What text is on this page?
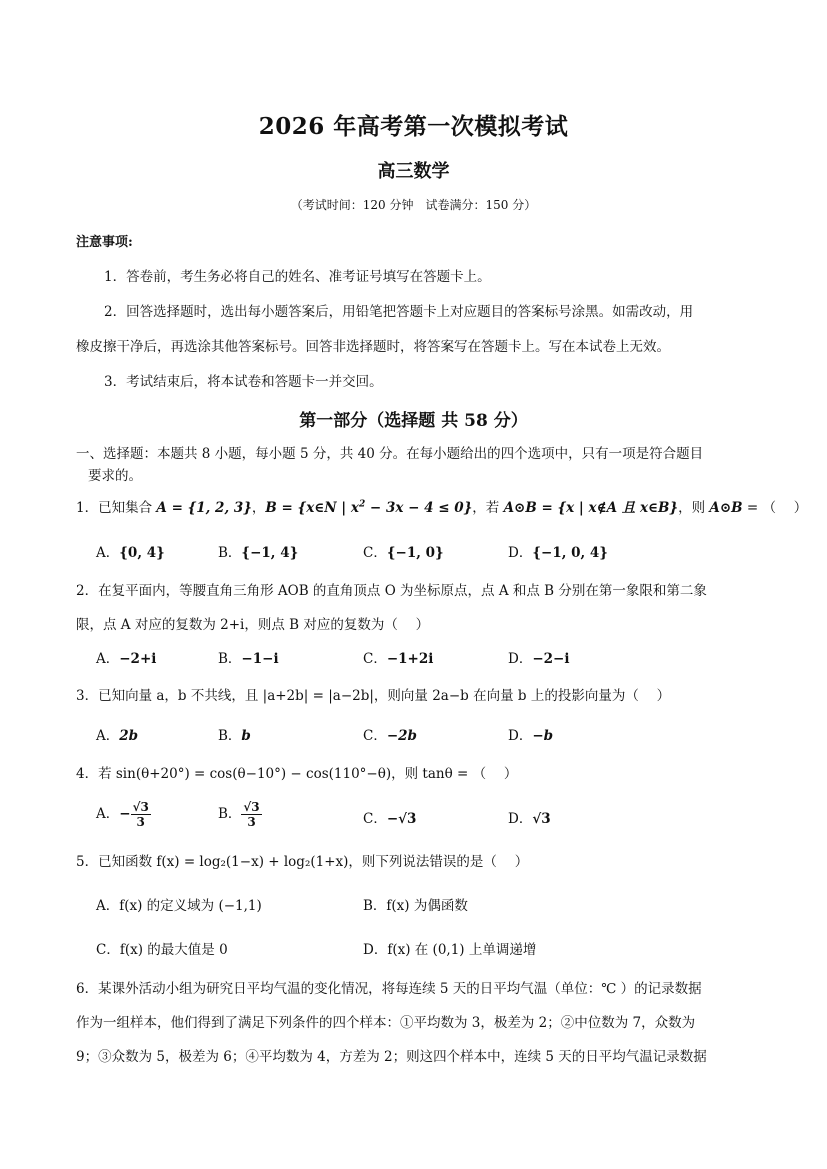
2026 年高考第一次模拟考试
高三数学
（考试时间：120 分钟　试卷满分：150 分）
注意事项:
1．答卷前，考生务必将自己的姓名、准考证号填写在答题卡上。
2．回答选择题时，选出每小题答案后，用铅笔把答题卡上对应题目的答案标号涂黑。如需改动，用
橡皮擦干净后，再选涂其他答案标号。回答非选择题时，将答案写在答题卡上。写在本试卷上无效。
3．考试结束后，将本试卷和答题卡一并交回。
第一部分（选择题 共 58 分）
一、选择题：本题共 8 小题，每小题 5 分，共 40 分。在每小题给出的四个选项中，只有一项是符合题目
要求的。
1．已知集合 A = {1, 2, 3}，B = {x∈N | $x^2 - 3x - 4 \le 0$}，若 A⊙B = {x | x∉A 且 x∈B}，则 A⊙B = （　 ）
A．{0, 4}	B．{−1, 4}	C．{−1, 0}	D．{−1, 0, 4}
2．在复平面内，等腰直角三角形 AOB 的直角顶点 O 为坐标原点，点 A 和点 B 分别在第一象限和第二象
限，点 A 对应的复数为 2+i，则点 B 对应的复数为（　 ）
A．−2+i	B．−1−i	C．−1+2i	D．−2−i
3．已知向量 a，b 不共线，且 |a+2b| = |a−2b|，则向量 2a−b 在向量 b 上的投影向量为（　 ）
A．2b	B．b	C．−2b	D．−b
4．若 sin(θ+20°) = cos(θ−10°) − cos(110°−θ)，则 tanθ = （　 ）
A．− $\frac{√3}{3}$	B． $\frac{√3}{3}$	C．−√3	D．√3
5．已知函数 f(x) = log₂(1−x) + log₂(1+x)，则下列说法错误的是（　 ）
A．f(x) 的定义域为 (−1,1)	B．f(x) 为偶函数
C．f(x) 的最大值是 0	D．f(x) 在 (0,1) 上单调递增
6．某课外活动小组为研究日平均气温的变化情况，将每连续 5 天的日平均气温（单位：℃ ）的记录数据
作为一组样本，他们得到了满足下列条件的四个样本：①平均数为 3，极差为 2；②中位数为 7，众数为
9；③众数为 5，极差为 6；④平均数为 4，方差为 2；则这四个样本中，连续 5 天的日平均气温记录数据
